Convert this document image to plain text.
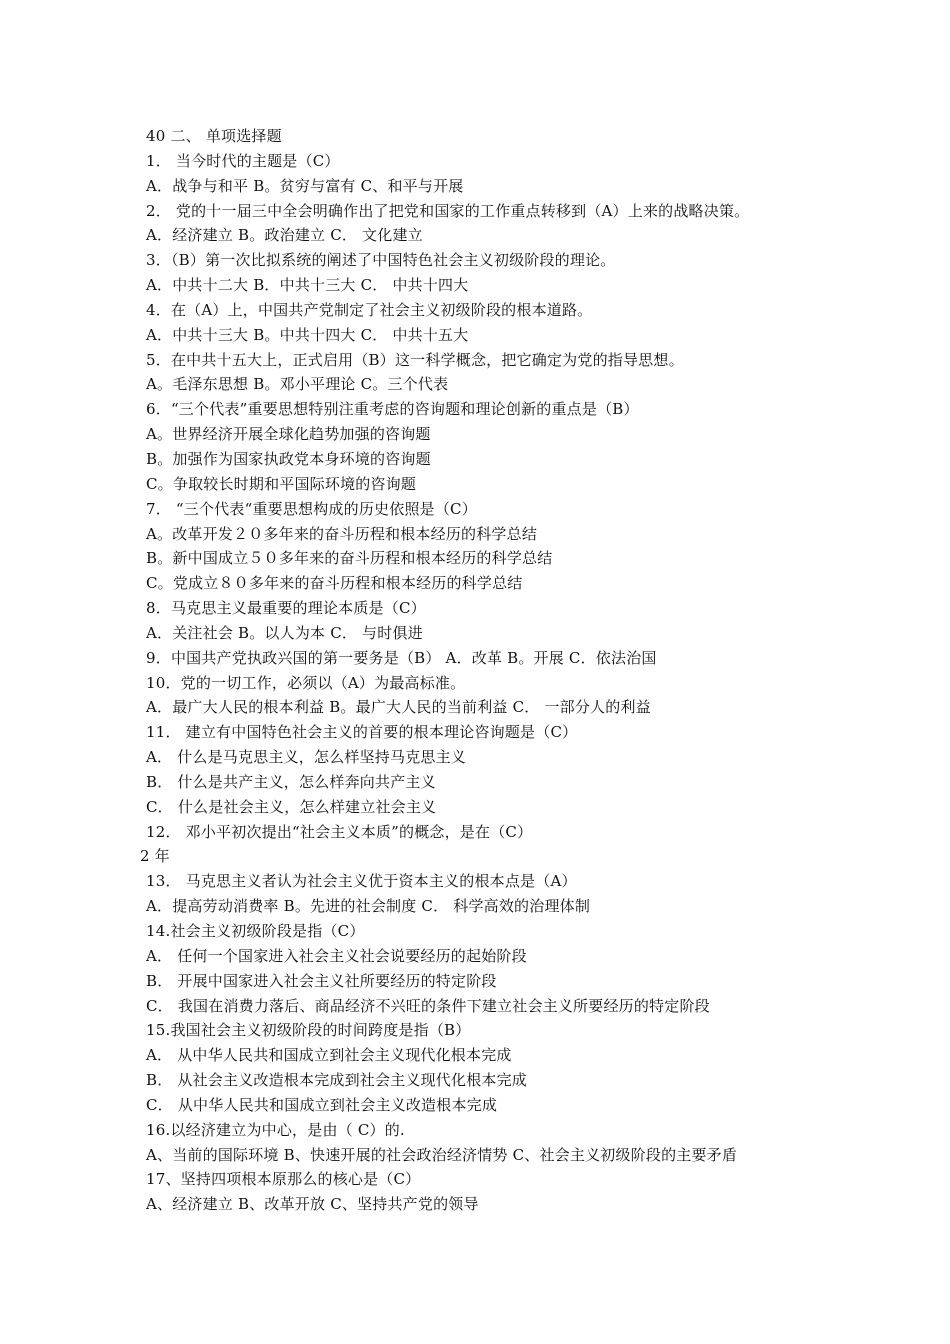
40 二、 单项选择题
1． 当今时代的主题是（C）
A．战争与和平 B。贫穷与富有 C、和平与开展
2． 党的十一届三中全会明确作出了把党和国家的工作重点转移到（A）上来的战略决策。
A．经济建立 B。政治建立 C． 文化建立
3．（B）第一次比拟系统的阐述了中国特色社会主义初级阶段的理论。
A．中共十二大 B．中共十三大 C． 中共十四大
4．在（A）上，中国共产党制定了社会主义初级阶段的根本道路。
A．中共十三大 B。中共十四大 C． 中共十五大
5．在中共十五大上，正式启用（B）这一科学概念，把它确定为党的指导思想。
A。毛泽东思想 B。邓小平理论 C。三个代表
6．“三个代表”重要思想特别注重考虑的咨询题和理论创新的重点是（B）
A。世界经济开展全球化趋势加强的咨询题
B。加强作为国家执政党本身环境的咨询题
C。争取较长时期和平国际环境的咨询题
7． “三个代表“重要思想构成的历史依照是（C）
A。改革开发２０多年来的奋斗历程和根本经历的科学总结
B。新中国成立５０多年来的奋斗历程和根本经历的科学总结
C。党成立８０多年来的奋斗历程和根本经历的科学总结
8．马克思主义最重要的理论本质是（C）
A．关注社会 B。以人为本 C． 与时俱进
9．中国共产党执政兴国的第一要务是（B） A．改革 B。开展 C．依法治国
10．党的一切工作，必须以（A）为最高标准。
A．最广大人民的根本利益 B。最广大人民的当前利益 C． 一部分人的利益
11． 建立有中国特色社会主义的首要的根本理论咨询题是（C）
A． 什么是马克思主义，怎么样坚持马克思主义
B． 什么是共产主义，怎么样奔向共产主义
C． 什么是社会主义，怎么样建立社会主义
12． 邓小平初次提出“社会主义本质”的概念，是在（C）
2 年
13． 马克思主义者认为社会主义优于资本主义的根本点是（A）
A．提高劳动消费率 B。先进的社会制度 C． 科学高效的治理体制
14.社会主义初级阶段是指（C）
A． 任何一个国家进入社会主义社会说要经历的起始阶段
B． 开展中国家进入社会主义社所要经历的特定阶段
C． 我国在消费力落后、商品经济不兴旺的条件下建立社会主义所要经历的特定阶段
15.我国社会主义初级阶段的时间跨度是指（B）
A． 从中华人民共和国成立到社会主义现代化根本完成
B． 从社会主义改造根本完成到社会主义现代化根本完成
C． 从中华人民共和国成立到社会主义改造根本完成
16.以经济建立为中心，是由（ C）的.
A、当前的国际环境 B、快速开展的社会政治经济情势 C、社会主义初级阶段的主要矛盾
17、坚持四项根本原那么的核心是（C）
A、经济建立 B、改革开放 C、坚持共产党的领导
